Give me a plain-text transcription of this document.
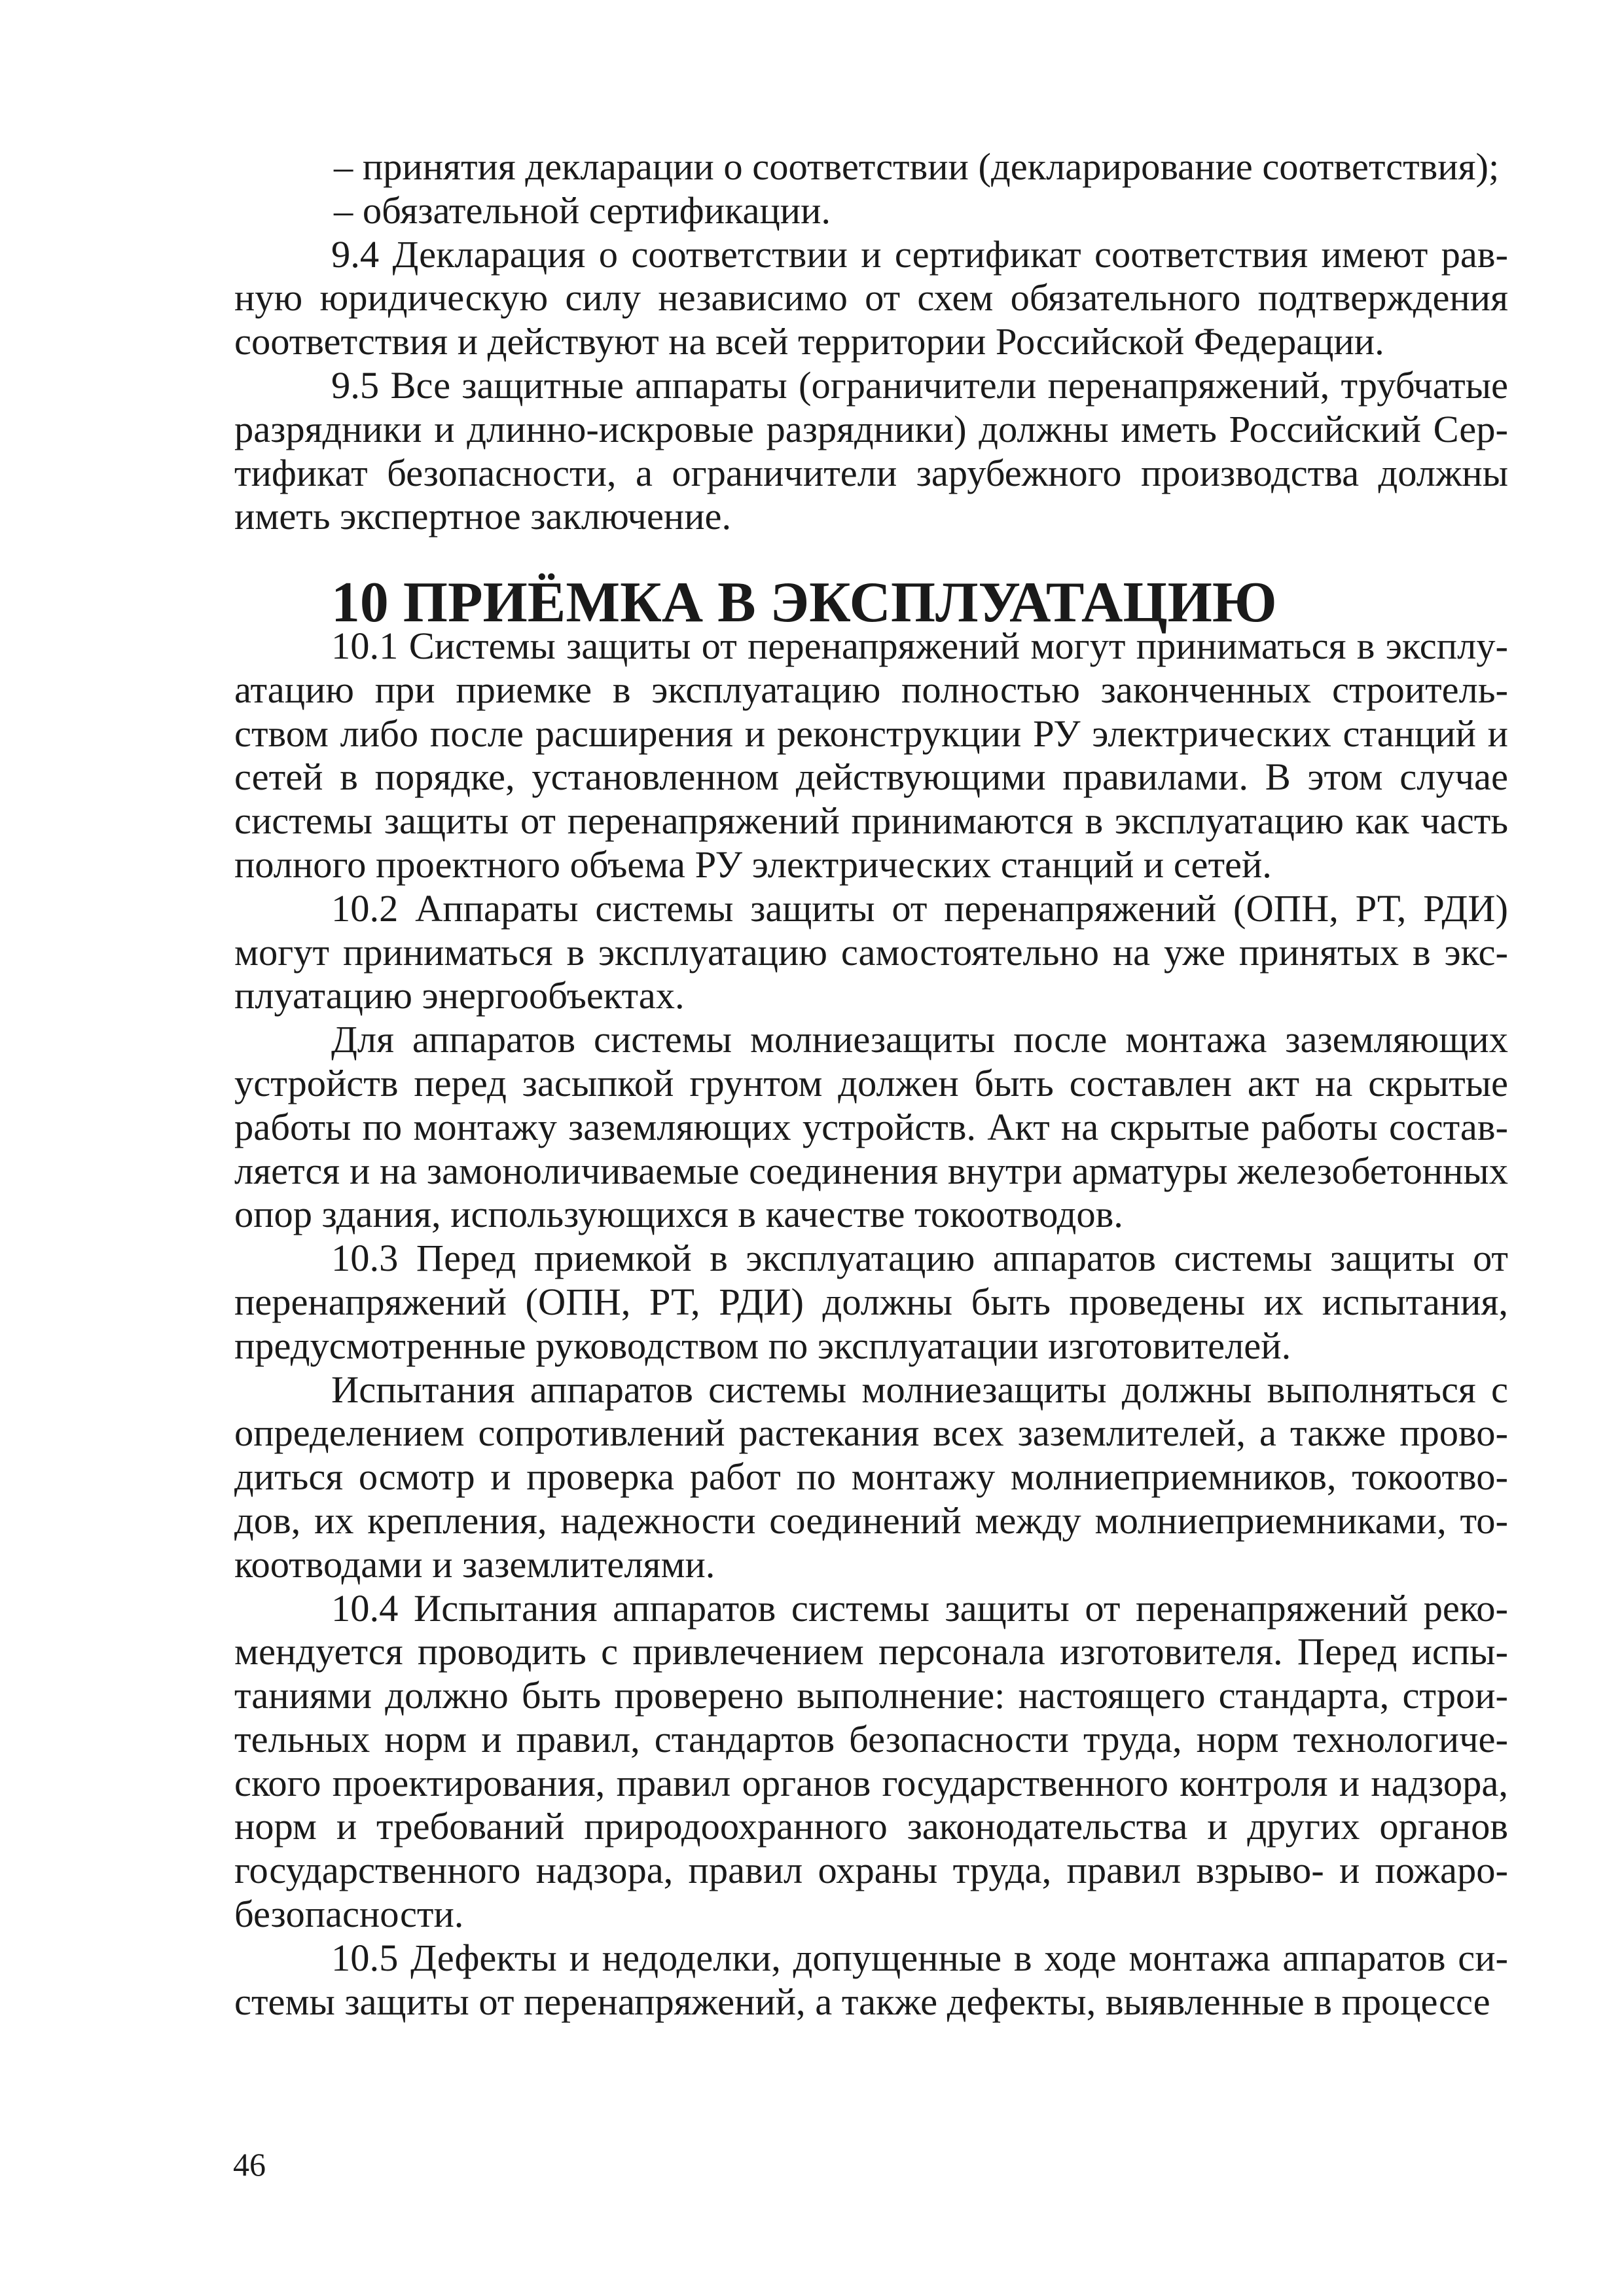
– принятия декларации о соответствии (декларирование соответствия);

– обязательной сертификации.

9.4 Декларация о соответствии и сертификат соответствия имеют равную юридическую силу независимо от схем обязательного подтверждения соответствия и действуют на всей территории Российской Федерации.

9.5 Все защитные аппараты (ограничители перенапряжений, трубчатые разрядники и длинно-искровые разрядники) должны иметь Российский Сертификат безопасности, а ограничители зарубежного производства должны иметь экспертное заключение.

10 ПРИЁМКА В ЭКСПЛУАТАЦИЮ

10.1 Системы защиты от перенапряжений могут приниматься в эксплуатацию при приемке в эксплуатацию полностью законченных строительством либо после расширения и реконструкции РУ электрических станций и сетей в порядке, установленном действующими правилами. В этом случае системы защиты от перенапряжений принимаются в эксплуатацию как часть полного проектного объема РУ электрических станций и сетей.

10.2 Аппараты системы защиты от перенапряжений (ОПН, РТ, РДИ) могут приниматься в эксплуатацию самостоятельно на уже принятых в эксплуатацию энергообъектах.

Для аппаратов системы молниезащиты после монтажа заземляющих устройств перед засыпкой грунтом должен быть составлен акт на скрытые работы по монтажу заземляющих устройств. Акт на скрытые работы составляется и на замоноличиваемые соединения внутри арматуры железобетонных опор здания, использующихся в качестве токоотводов.

10.3 Перед приемкой в эксплуатацию аппаратов системы защиты от перенапряжений (ОПН, РТ, РДИ) должны быть проведены их испытания, предусмотренные руководством по эксплуатации изготовителей.

Испытания аппаратов системы молниезащиты должны выполняться с определением сопротивлений растекания всех заземлителей, а также проводиться осмотр и проверка работ по монтажу молниеприемников, токоотводов, их крепления, надежности соединений между молниеприемниками, токоотводами и заземлителями.

10.4 Испытания аппаратов системы защиты от перенапряжений рекомендуется проводить с привлечением персонала изготовителя. Перед испытаниями должно быть проверено выполнение: настоящего стандарта, строительных норм и правил, стандартов безопасности труда, норм технологического проектирования, правил органов государственного контроля и надзора, норм и требований природоохранного законодательства и других органов государственного надзора, правил охраны труда, правил взрыво- и пожаробезопасности.

10.5 Дефекты и недоделки, допущенные в ходе монтажа аппаратов системы защиты от перенапряжений, а также дефекты, выявленные в процессе

46
